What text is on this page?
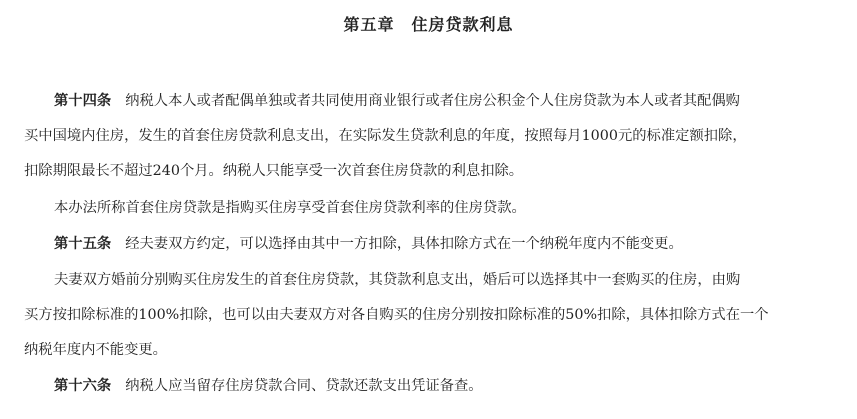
第五章　住房贷款利息
第十四条 纳税人本人或者配偶单独或者共同使用商业银行或者住房公积金个人住房贷款为本人或者其配偶购
买中国境内住房，发生的首套住房贷款利息支出，在实际发生贷款利息的年度，按照每月1000元的标准定额扣除，
扣除期限最长不超过240个月。纳税人只能享受一次首套住房贷款的利息扣除。
本办法所称首套住房贷款是指购买住房享受首套住房贷款利率的住房贷款。
第十五条 经夫妻双方约定，可以选择由其中一方扣除，具体扣除方式在一个纳税年度内不能变更。
夫妻双方婚前分别购买住房发生的首套住房贷款，其贷款利息支出，婚后可以选择其中一套购买的住房，由购
买方按扣除标准的100%扣除，也可以由夫妻双方对各自购买的住房分别按扣除标准的50%扣除，具体扣除方式在一个
纳税年度内不能变更。
第十六条 纳税人应当留存住房贷款合同、贷款还款支出凭证备查。
